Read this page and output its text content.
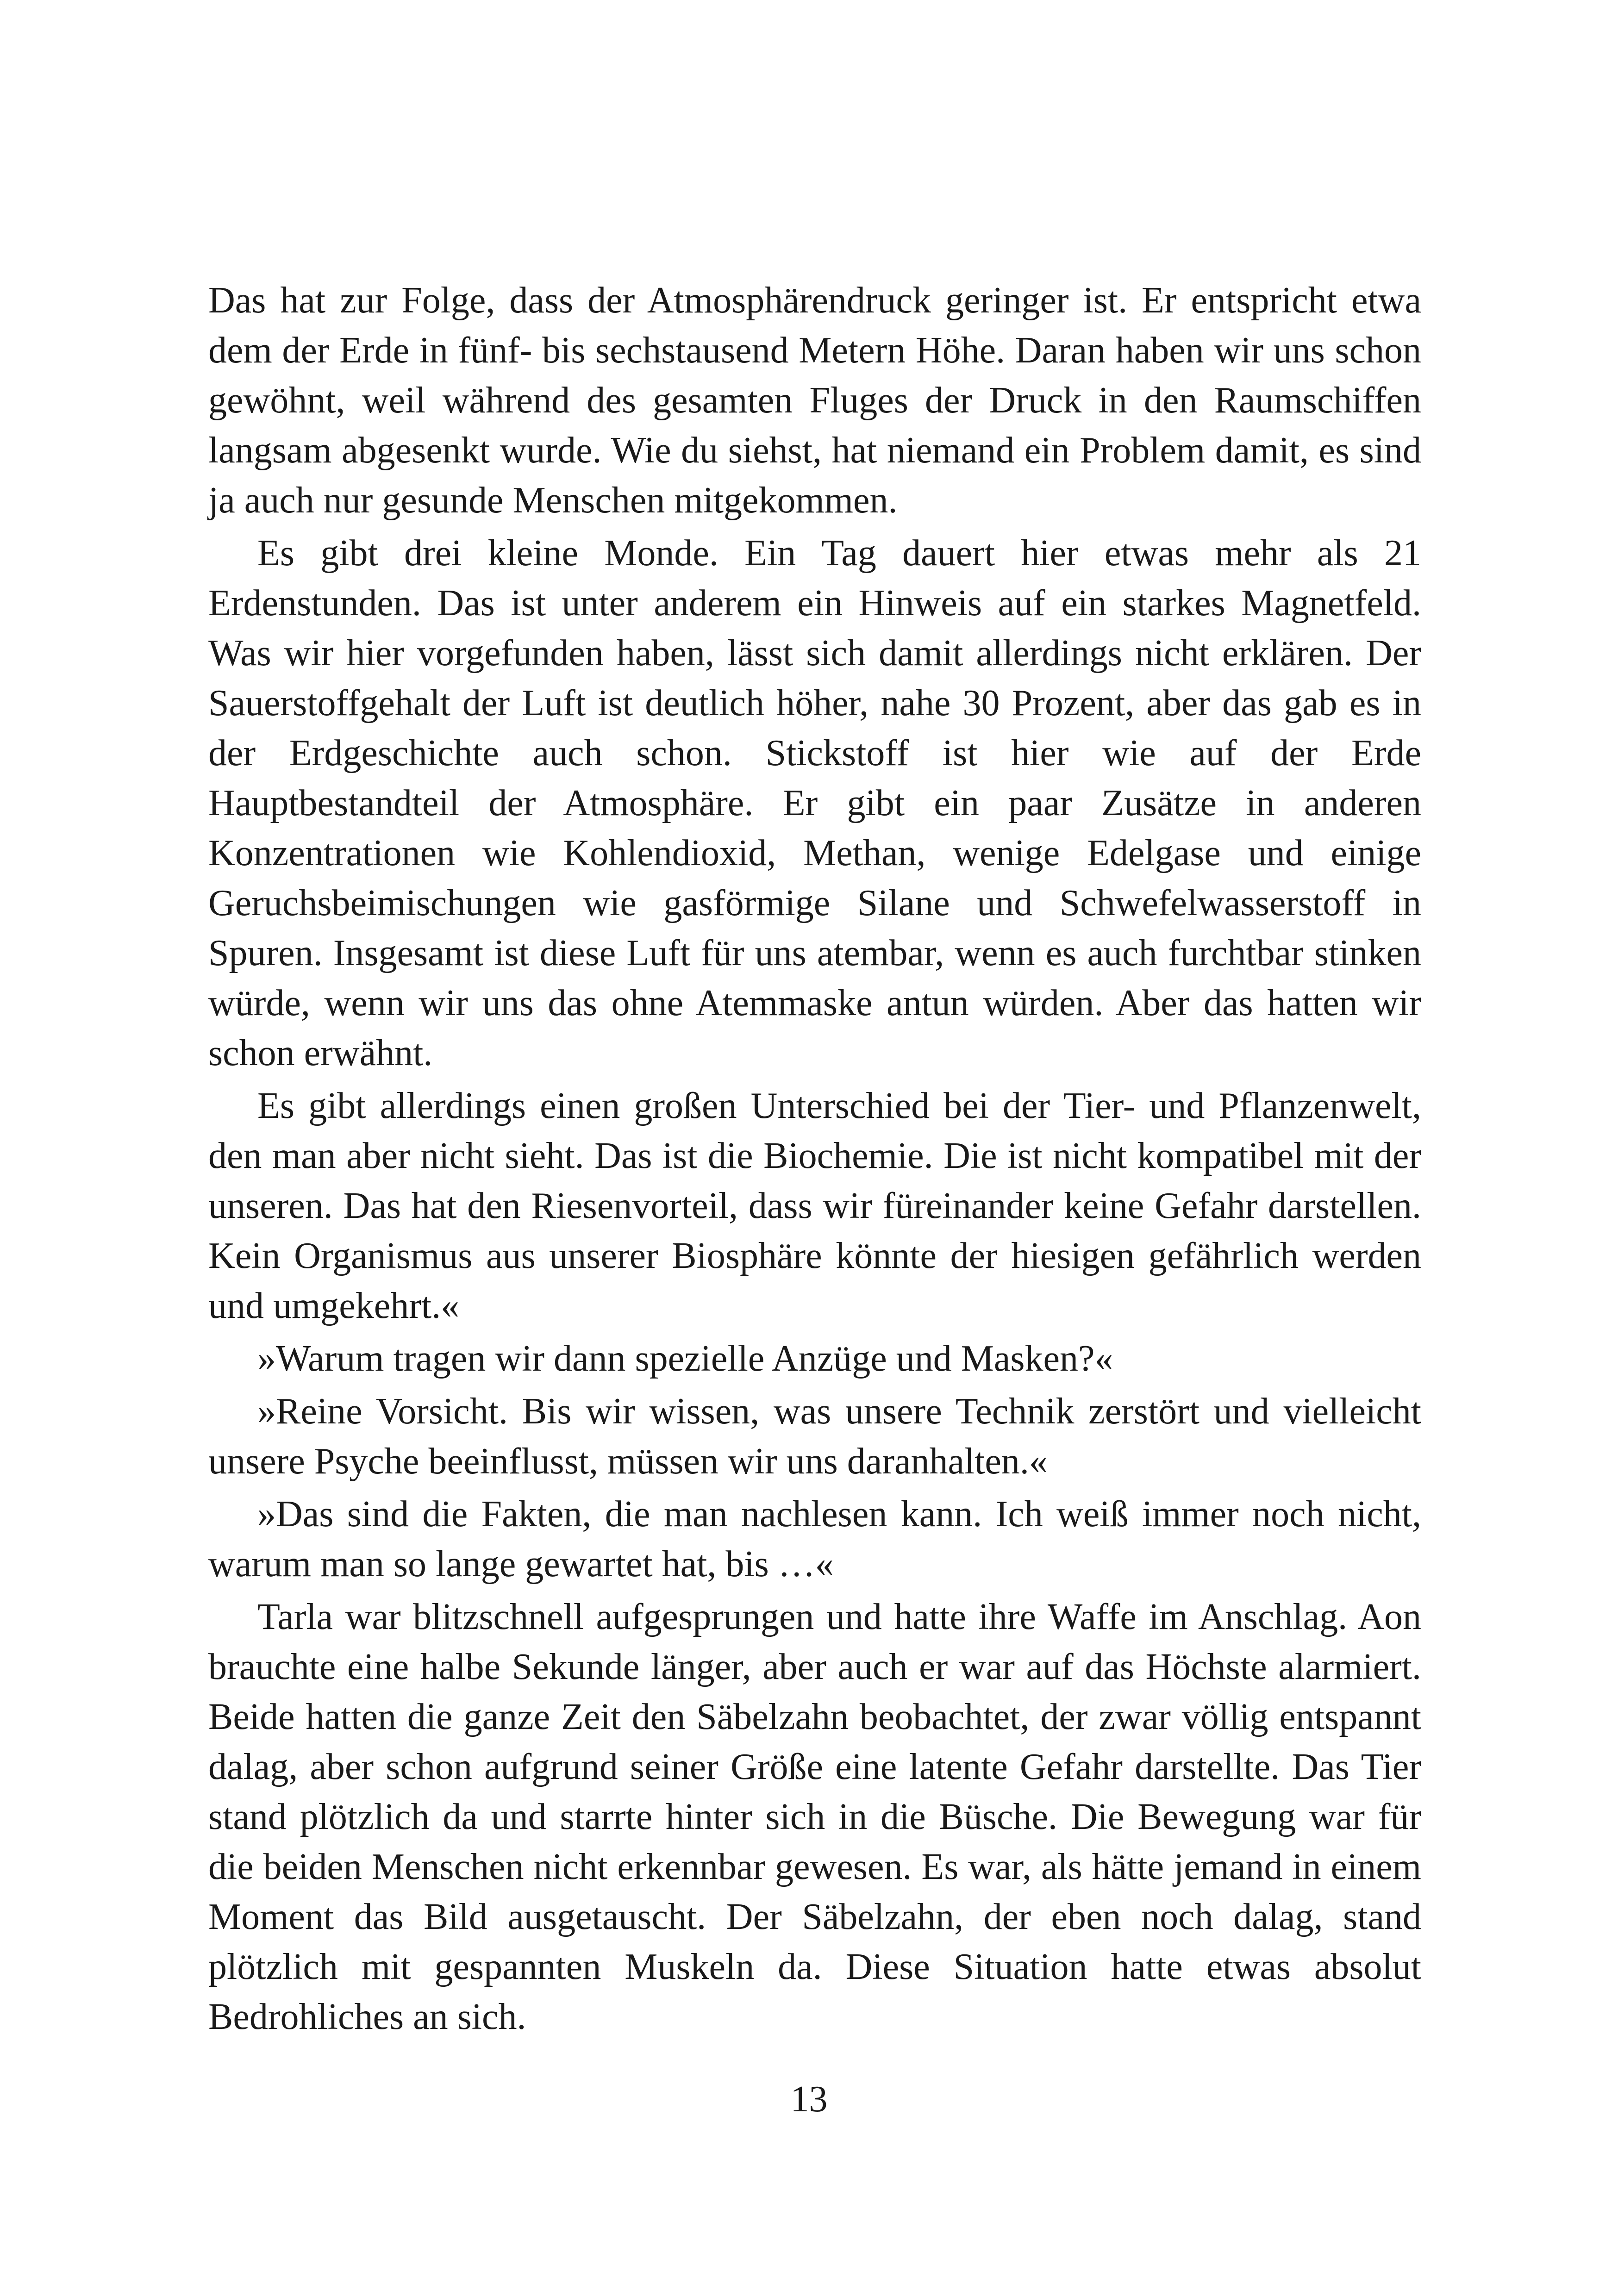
Das hat zur Folge, dass der Atmosphärendruck geringer ist. Er entspricht etwa dem der Erde in fünf- bis sechstausend Metern Höhe. Daran haben wir uns schon gewöhnt, weil während des gesamten Fluges der Druck in den Raumschiffen langsam abgesenkt wurde. Wie du siehst, hat niemand ein Problem damit, es sind ja auch nur gesunde Menschen mitgekommen.

Es gibt drei kleine Monde. Ein Tag dauert hier etwas mehr als 21 Erdenstunden. Das ist unter anderem ein Hinweis auf ein starkes Magnetfeld. Was wir hier vorgefunden haben, lässt sich damit allerdings nicht erklären. Der Sauerstoffgehalt der Luft ist deutlich höher, nahe 30 Prozent, aber das gab es in der Erdgeschichte auch schon. Stickstoff ist hier wie auf der Erde Hauptbestandteil der Atmosphäre. Er gibt ein paar Zusätze in anderen Konzentrationen wie Kohlendioxid, Methan, wenige Edelgase und einige Geruchsbeimischungen wie gasförmige Silane und Schwefelwasserstoff in Spuren. Insgesamt ist diese Luft für uns atembar, wenn es auch furchtbar stinken würde, wenn wir uns das ohne Atemmaske antun würden. Aber das hatten wir schon erwähnt.

Es gibt allerdings einen großen Unterschied bei der Tier- und Pflanzenwelt, den man aber nicht sieht. Das ist die Biochemie. Die ist nicht kompatibel mit der unseren. Das hat den Riesenvorteil, dass wir füreinander keine Gefahr darstellen. Kein Organismus aus unserer Biosphäre könnte der hiesigen gefährlich werden und umgekehrt.«

»Warum tragen wir dann spezielle Anzüge und Masken?«

»Reine Vorsicht. Bis wir wissen, was unsere Technik zerstört und vielleicht unsere Psyche beeinflusst, müssen wir uns daranhalten.«

»Das sind die Fakten, die man nachlesen kann. Ich weiß immer noch nicht, warum man so lange gewartet hat, bis …«

Tarla war blitzschnell aufgesprungen und hatte ihre Waffe im Anschlag. Aon brauchte eine halbe Sekunde länger, aber auch er war auf das Höchste alarmiert. Beide hatten die ganze Zeit den Säbelzahn beobachtet, der zwar völlig entspannt dalag, aber schon aufgrund seiner Größe eine latente Gefahr darstellte. Das Tier stand plötzlich da und starrte hinter sich in die Büsche. Die Bewegung war für die beiden Menschen nicht erkennbar gewesen. Es war, als hätte jemand in einem Moment das Bild ausgetauscht. Der Säbelzahn, der eben noch dalag, stand plötzlich mit gespannten Muskeln da. Diese Situation hatte etwas absolut Bedrohliches an sich.

13
